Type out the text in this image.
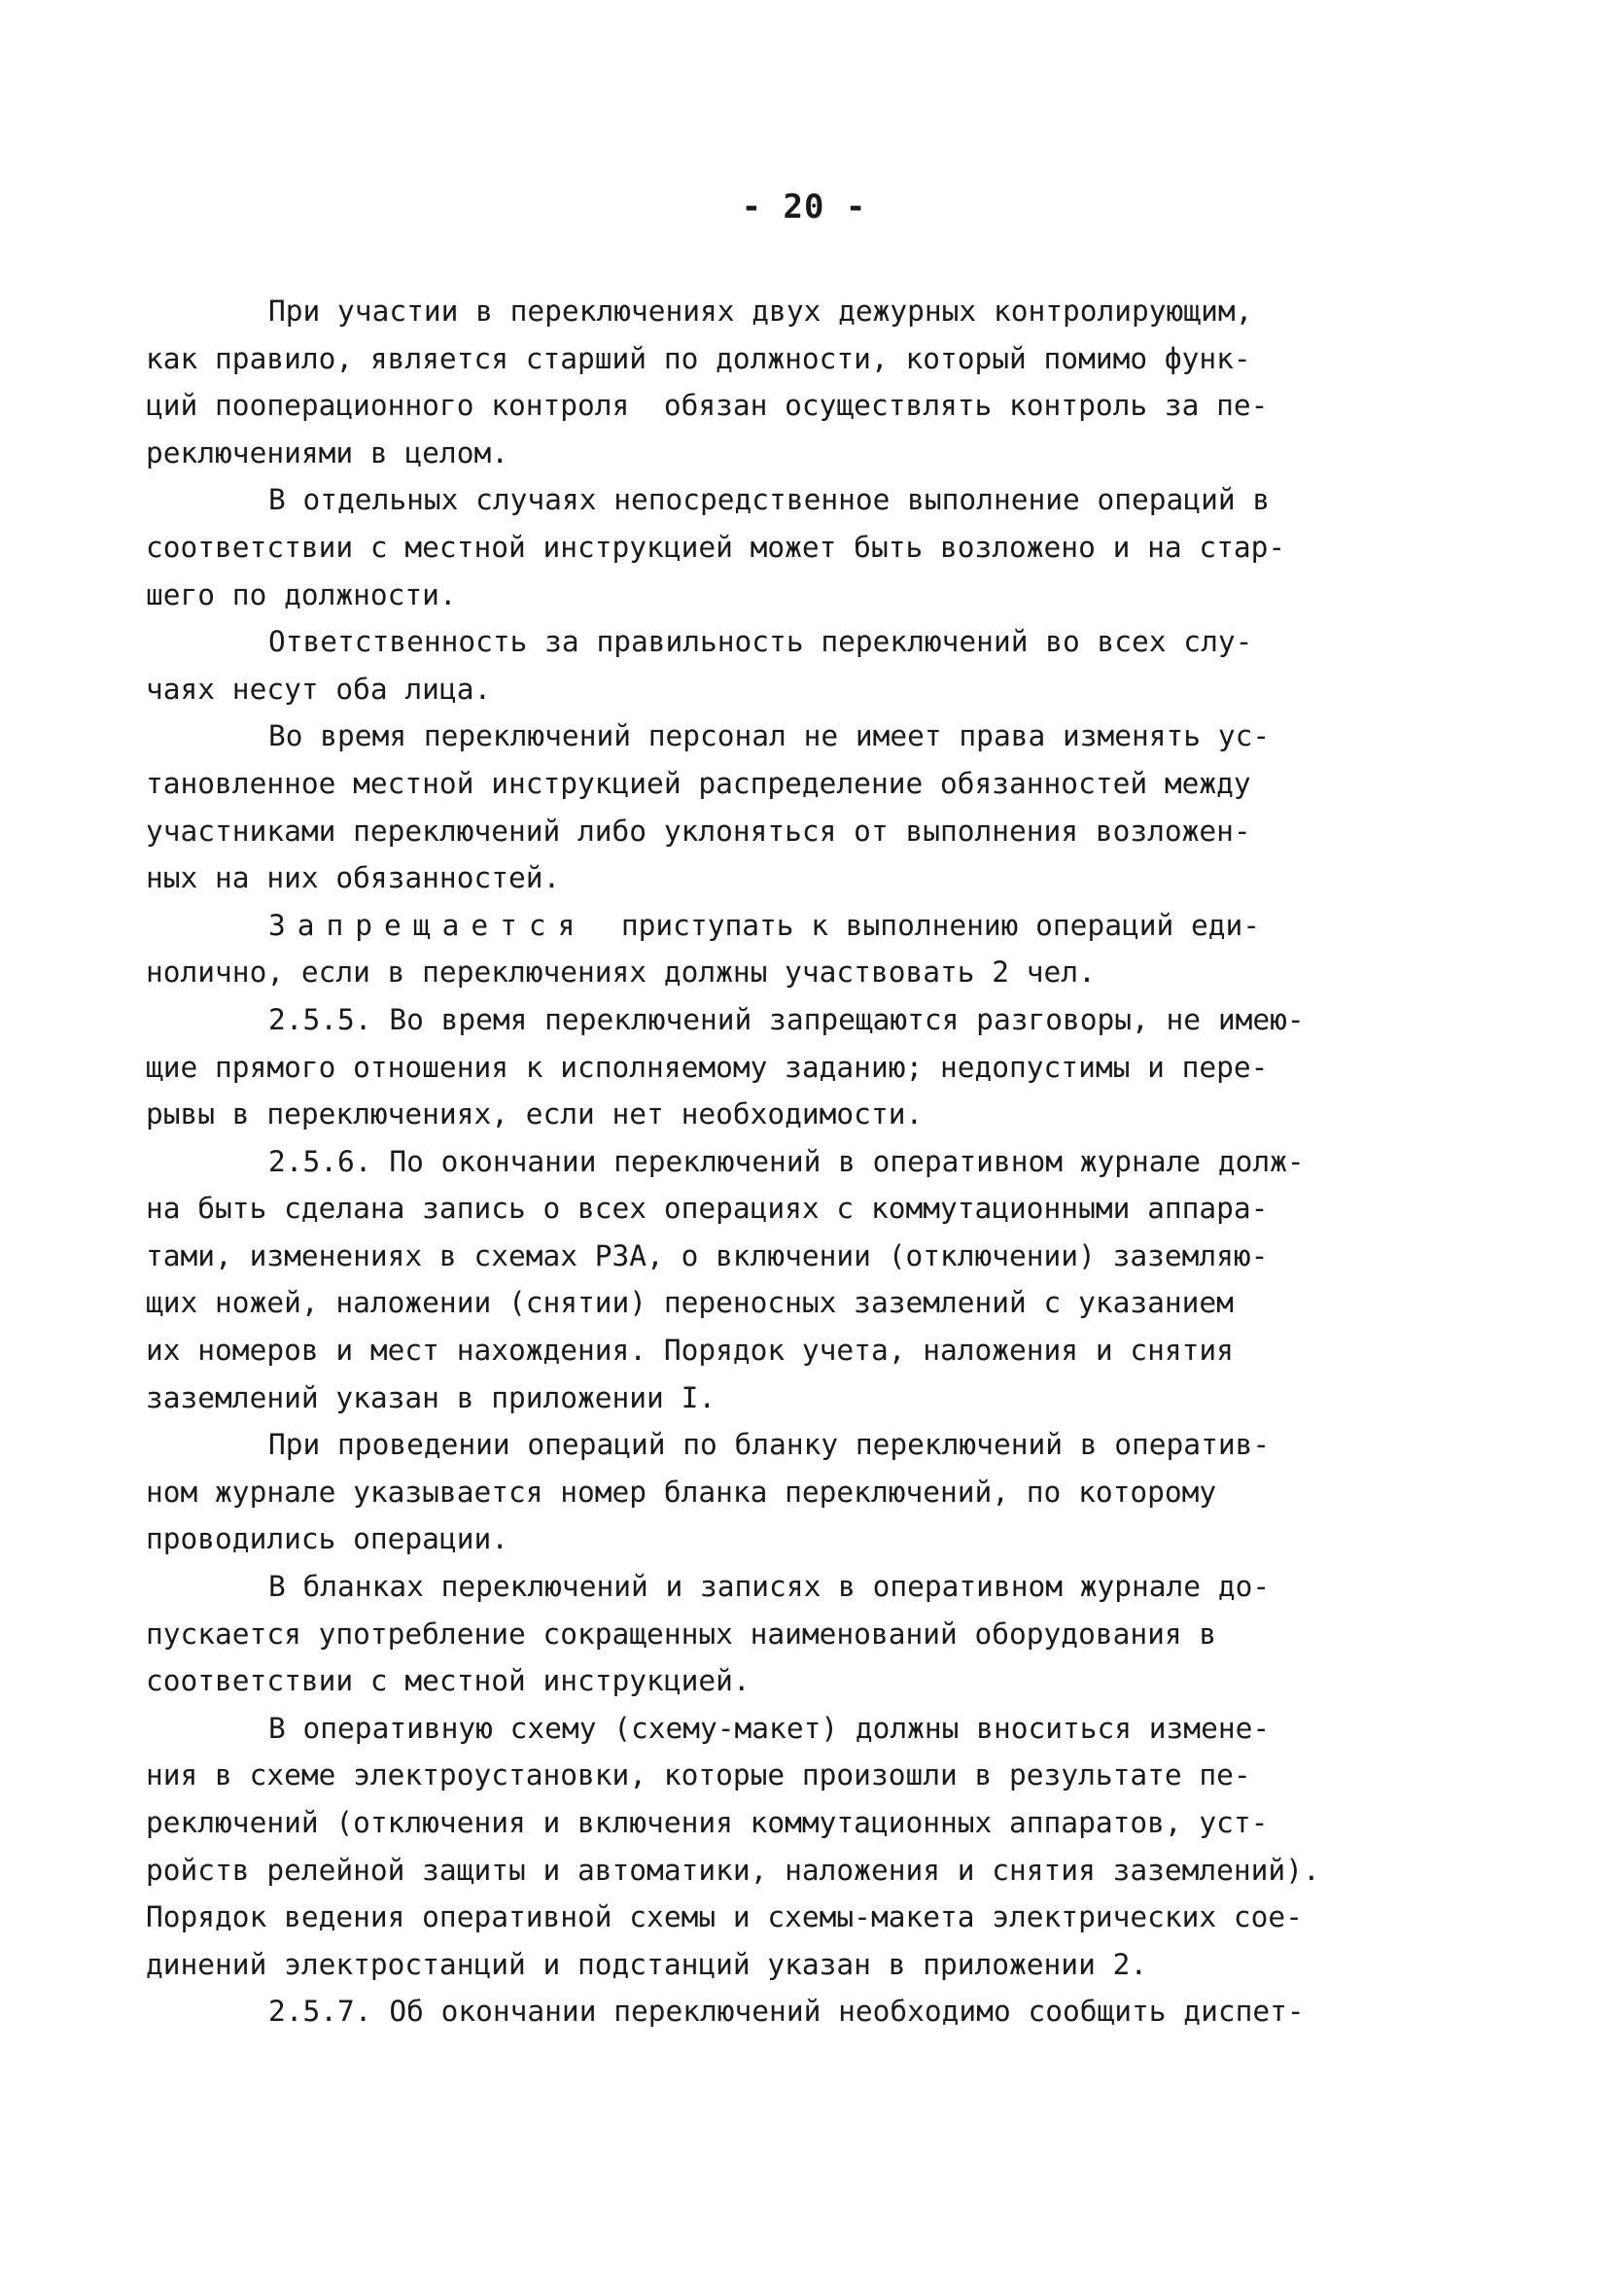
- 20 -
При участии в переключениях двух дежурных контролирующим,
как правило, является старший по должности, который помимо функ-
ций пооперационного контроля  обязан осуществлять контроль за пе-
реключениями в целом.
В отдельных случаях непосредственное выполнение операций в
соответствии с местной инструкцией может быть возложено и на стар-
шего по должности.
Ответственность за правильность переключений во всех слу-
чаях несут оба лица.
Во время переключений персонал не имеет права изменять ус-
тановленное местной инструкцией распределение обязанностей между
участниками переключений либо уклоняться от выполнения возложен-
ных на них обязанностей.
Запрещается  приступать к выполнению операций еди-
нолично, если в переключениях должны участвовать 2 чел.
2.5.5. Во время переключений запрещаются разговоры, не имею-
щие прямого отношения к исполняемому заданию; недопустимы и пере-
рывы в переключениях, если нет необходимости.
2.5.6. По окончании переключений в оперативном журнале долж-
на быть сделана запись о всех операциях с коммутационными аппара-
тами, изменениях в схемах РЗА, о включении (отключении) заземляю-
щих ножей, наложении (снятии) переносных заземлений с указанием
их номеров и мест нахождения. Порядок учета, наложения и снятия
заземлений указан в приложении I.
При проведении операций по бланку переключений в оператив-
ном журнале указывается номер бланка переключений, по которому
проводились операции.
В бланках переключений и записях в оперативном журнале до-
пускается употребление сокращенных наименований оборудования в
соответствии с местной инструкцией.
В оперативную схему (схему-макет) должны вноситься измене-
ния в схеме электроустановки, которые произошли в результате пе-
реключений (отключения и включения коммутационных аппаратов, уст-
ройств релейной защиты и автоматики, наложения и снятия заземлений).
Порядок ведения оперативной схемы и схемы-макета электрических сое-
динений электростанций и подстанций указан в приложении 2.
2.5.7. Об окончании переключений необходимо сообщить диспет-
